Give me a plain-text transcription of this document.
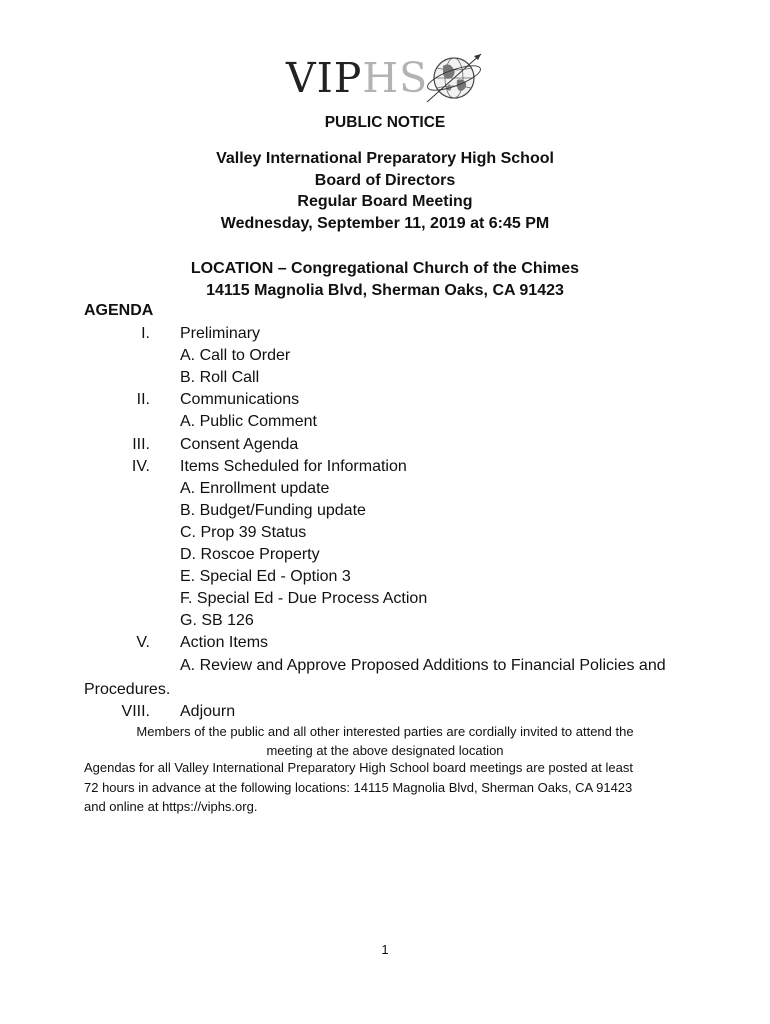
VIPHS
PUBLIC NOTICE
Valley International Preparatory High School
Board of Directors
Regular Board Meeting
Wednesday, September 11, 2019 at 6:45 PM
LOCATION – Congregational Church of the Chimes
14115 Magnolia Blvd, Sherman Oaks, CA 91423
AGENDA
I. Preliminary
A. Call to Order
B. Roll Call
II. Communications
A. Public Comment
III. Consent Agenda
IV. Items Scheduled for Information
A. Enrollment update
B. Budget/Funding update
C. Prop 39 Status
D. Roscoe Property
E. Special Ed - Option 3
F. Special Ed - Due Process Action
G. SB 126
V. Action Items
A. Review and Approve Proposed Additions to Financial Policies and
Procedures.
VIII. Adjourn
Members of the public and all other interested parties are cordially invited to attend the
meeting at the above designated location
Agendas for all Valley International Preparatory High School board meetings are posted at least
72 hours in advance at the following locations: 14115 Magnolia Blvd, Sherman Oaks, CA 91423
and online at https://viphs.org.
1
